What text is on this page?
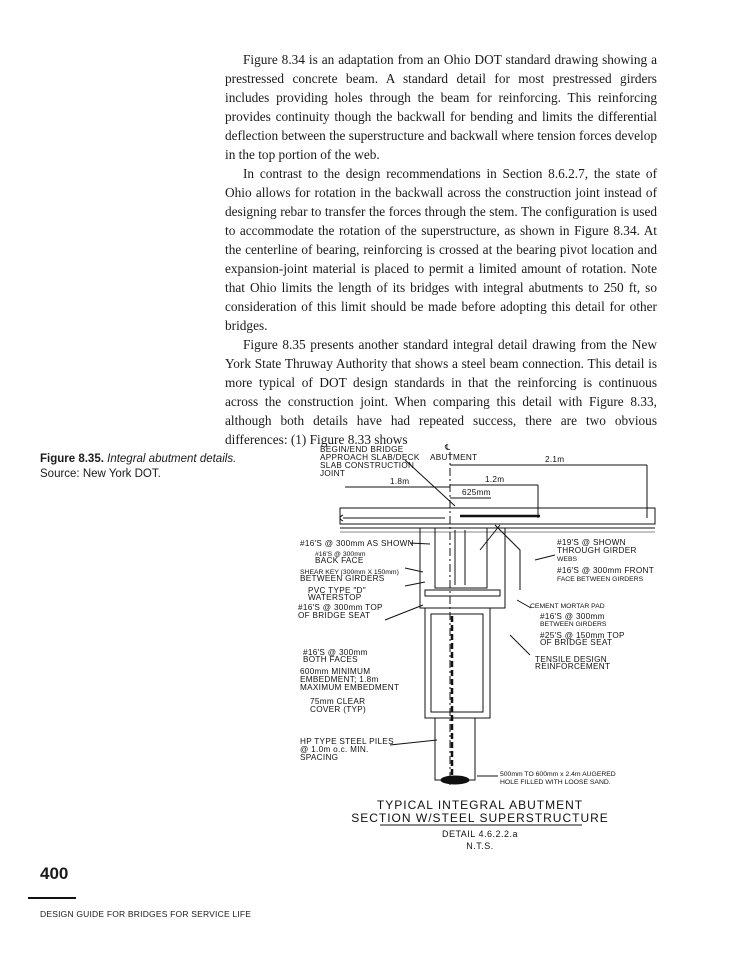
Figure 8.34 is an adaptation from an Ohio DOT standard drawing showing a prestressed concrete beam. A standard detail for most prestressed girders includes providing holes through the beam for reinforcing. This reinforcing provides continuity though the backwall for bending and limits the differential deflection between the superstructure and backwall where tension forces develop in the top portion of the web.

In contrast to the design recommendations in Section 8.6.2.7, the state of Ohio allows for rotation in the backwall across the construction joint instead of designing rebar to transfer the forces through the stem. The configuration is used to accommodate the rotation of the superstructure, as shown in Figure 8.34. At the centerline of bearing, reinforcing is crossed at the bearing pivot location and expansion-joint material is placed to permit a limited amount of rotation. Note that Ohio limits the length of its bridges with integral abutments to 250 ft, so consideration of this limit should be made before adopting this detail for other bridges.

Figure 8.35 presents another standard integral detail drawing from the New York State Thruway Authority that shows a steel beam connection. This detail is more typical of DOT design standards in that the reinforcing is continuous across the construction joint. When comparing this detail with Figure 8.33, although both details have had repeated success, there are two obvious differences: (1) Figure 8.33 shows

Figure 8.35. Integral abutment details.
Source: New York DOT.
BEGIN/END BRIDGE
APPROACH SLAB/DECK
SLAB CONSTRUCTION
JOINT
℄
ABUTMENT
1.8m
2.1m
1.2m
625mm
#16'S @ 300mm AS SHOWN
#16'S @ 300mm
BACK FACE
SHEAR KEY (300mm X 150mm)
BETWEEN GIRDERS
PVC TYPE "D"
WATERSTOP
#16'S @ 300mm TOP
OF BRIDGE SEAT
#19'S @ SHOWN
THROUGH GIRDER
WEBS
#16'S @ 300mm FRONT
FACE BETWEEN GIRDERS
CEMENT MORTAR PAD
#16'S @ 300mm
BETWEEN GIRDERS
#25'S @ 150mm TOP
OF BRIDGE SEAT
#16'S @ 300mm
BOTH FACES	TENSILE DESIGN
REINFORCEMENT
600mm MINIMUM
EMBEDMENT; 1.8m
MAXIMUM EMBEDMENT
75mm CLEAR
COVER (TYP)
HP TYPE STEEL PILES
@ 1.0m o.c. MIN.
SPACING
500mm TO 600mm x 2.4m AUGERED
HOLE FILLED WITH LOOSE SAND.
TYPICAL INTEGRAL ABUTMENT
SECTION W/STEEL SUPERSTRUCTURE
DETAIL 4.6.2.2.a
N.T.S.
400
DESIGN GUIDE FOR BRIDGES FOR SERVICE LIFE
